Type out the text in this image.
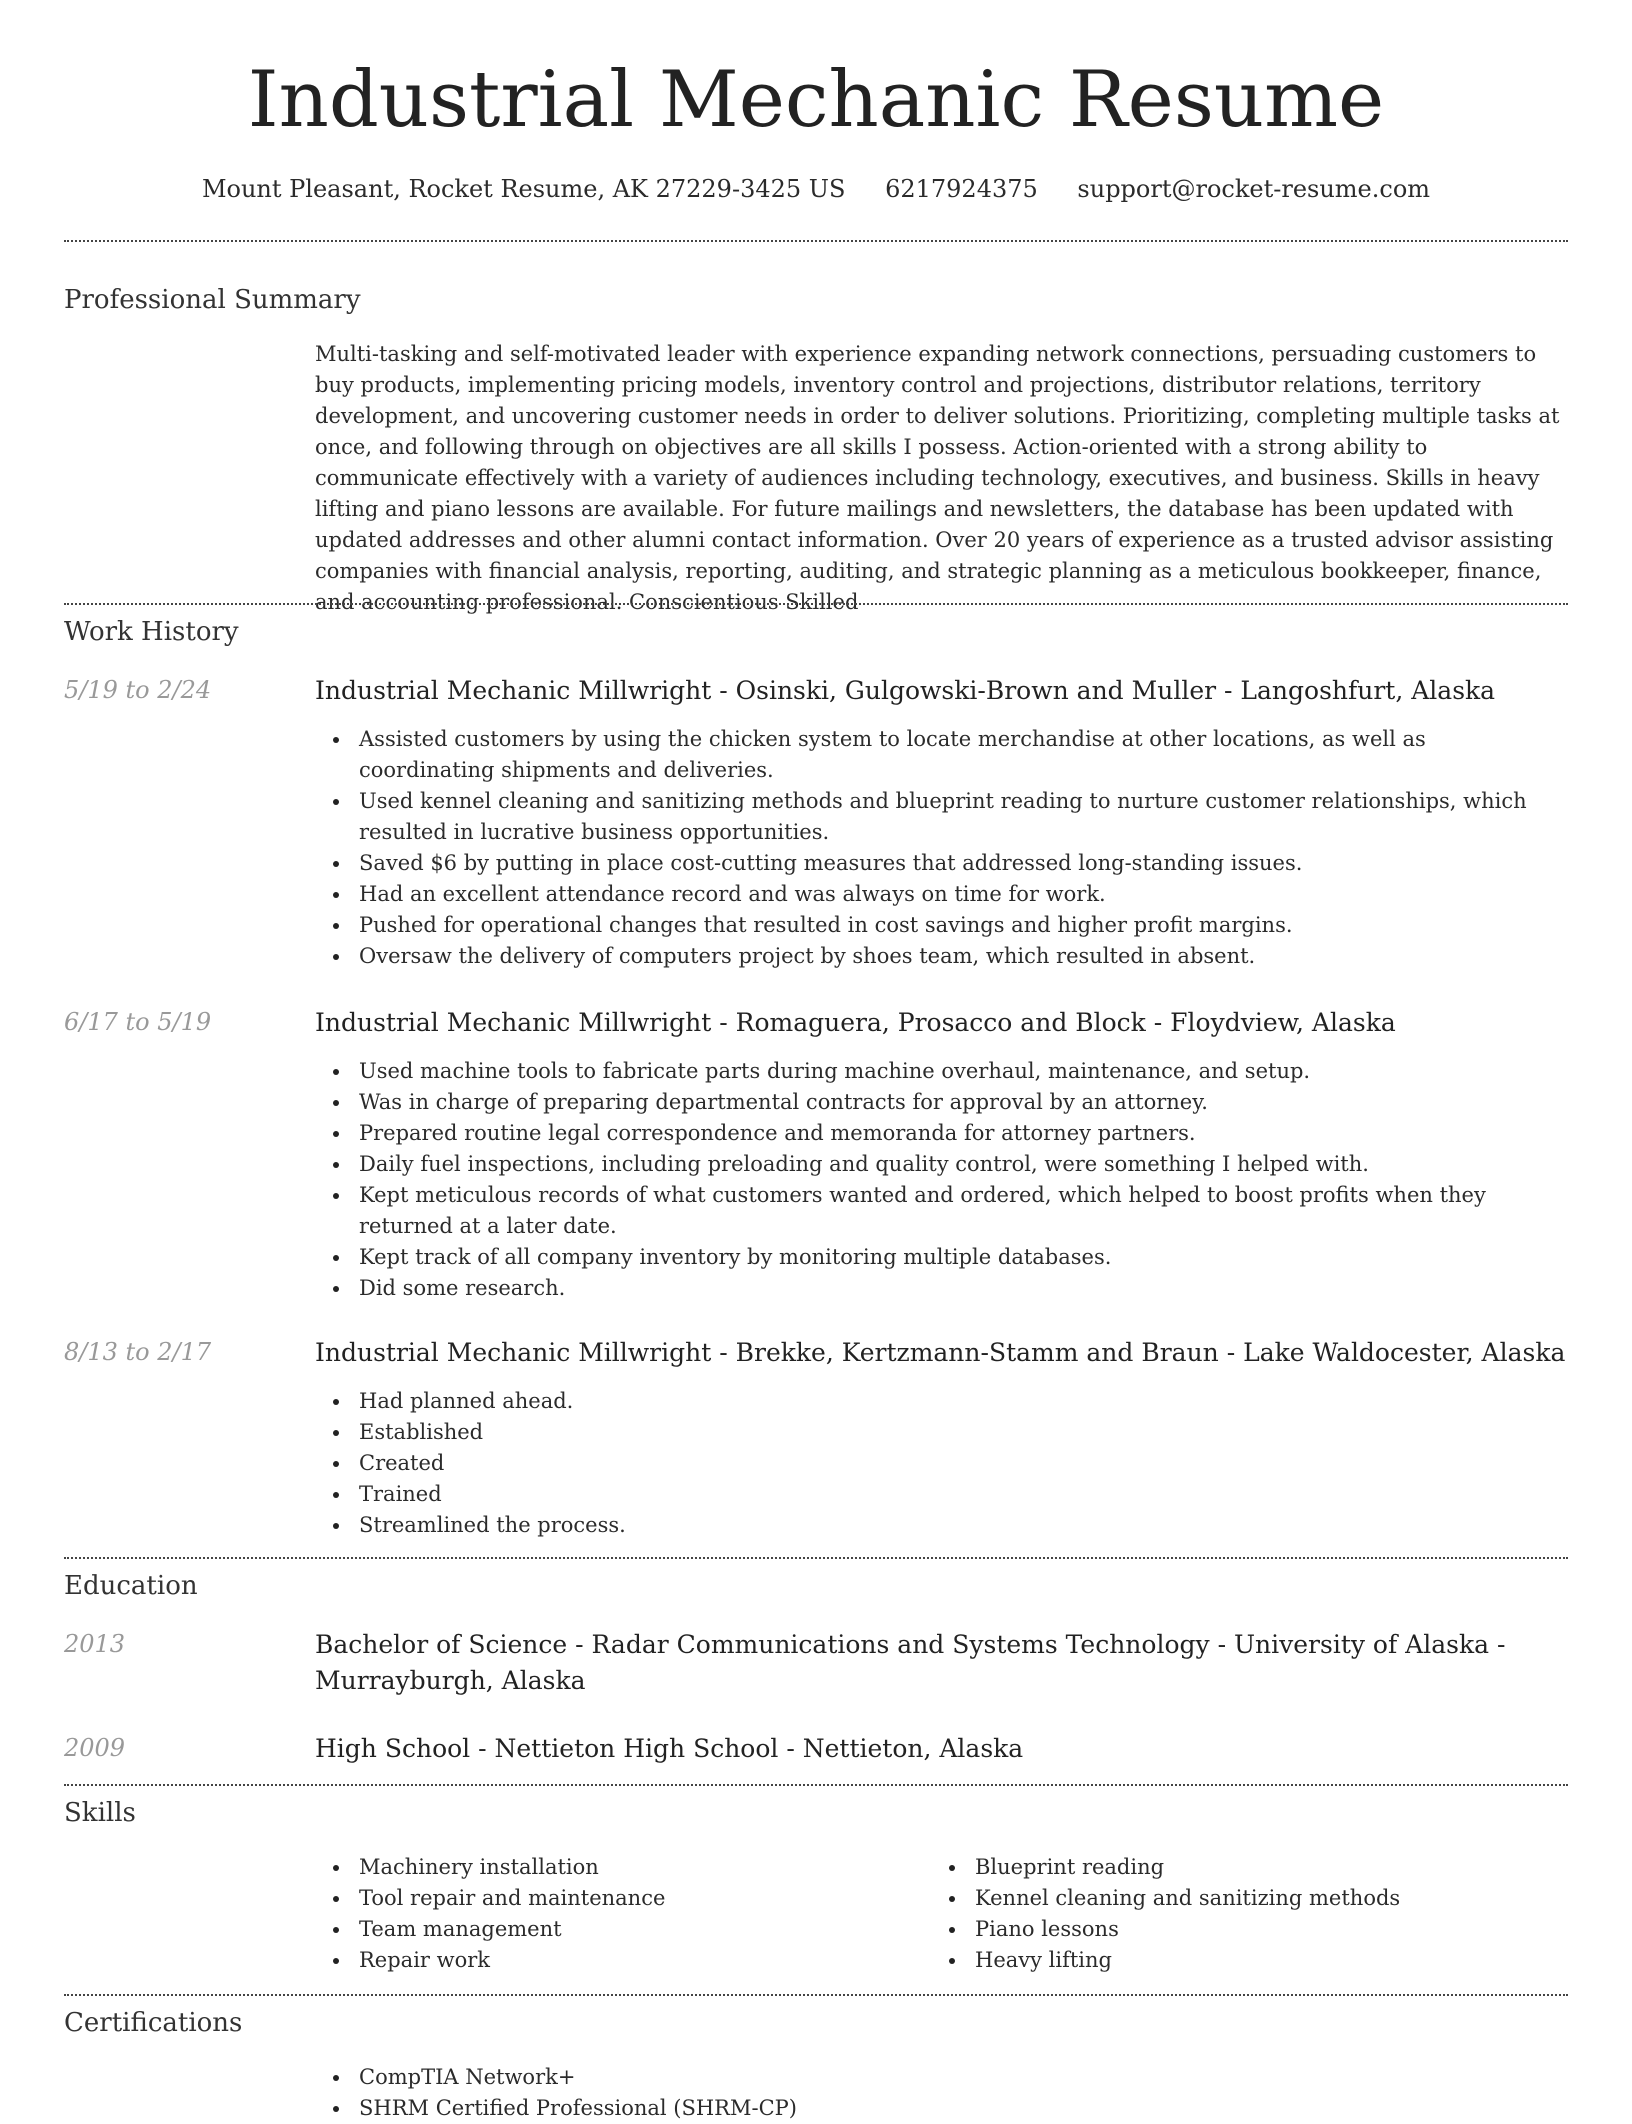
Industrial Mechanic Resume
Mount Pleasant, Rocket Resume, AK 27229-3425 US 6217924375 support@rocket-resume.com
Professional Summary
Multi-tasking and self-motivated leader with experience expanding network connections, persuading customers to buy products, implementing pricing models, inventory control and projections, distributor relations, territory development, and uncovering customer needs in order to deliver solutions. Prioritizing, completing multiple tasks at once, and following through on objectives are all skills I possess. Action-oriented with a strong ability to communicate effectively with a variety of audiences including technology, executives, and business. Skills in heavy lifting and piano lessons are available. For future mailings and newsletters, the database has been updated with updated addresses and other alumni contact information. Over 20 years of experience as a trusted advisor assisting companies with financial analysis, reporting, auditing, and strategic planning as a meticulous bookkeeper, finance, and accounting professional. Conscientious Skilled
Work History
5/19 to 2/24	Industrial Mechanic Millwright - Osinski, Gulgowski-Brown and Muller - Langoshfurt, Alaska
Assisted customers by using the chicken system to locate merchandise at other locations, as well as coordinating shipments and deliveries.
Used kennel cleaning and sanitizing methods and blueprint reading to nurture customer relationships, which resulted in lucrative business opportunities.
Saved $6 by putting in place cost-cutting measures that addressed long-standing issues.
Had an excellent attendance record and was always on time for work.
Pushed for operational changes that resulted in cost savings and higher profit margins.
Oversaw the delivery of computers project by shoes team, which resulted in absent.
6/17 to 5/19	Industrial Mechanic Millwright - Romaguera, Prosacco and Block - Floydview, Alaska
Used machine tools to fabricate parts during machine overhaul, maintenance, and setup.
Was in charge of preparing departmental contracts for approval by an attorney.
Prepared routine legal correspondence and memoranda for attorney partners.
Daily fuel inspections, including preloading and quality control, were something I helped with.
Kept meticulous records of what customers wanted and ordered, which helped to boost profits when they returned at a later date.
Kept track of all company inventory by monitoring multiple databases.
Did some research.
8/13 to 2/17	Industrial Mechanic Millwright - Brekke, Kertzmann-Stamm and Braun - Lake Waldocester, Alaska
Had planned ahead.
Established
Created
Trained
Streamlined the process.
Education
2013	Bachelor of Science - Radar Communications and Systems Technology - University of Alaska - Murrayburgh, Alaska
2009	High School - Nettieton High School - Nettieton, Alaska
Skills
Machinery installation
Tool repair and maintenance
Team management
Repair work
Blueprint reading
Kennel cleaning and sanitizing methods
Piano lessons
Heavy lifting
Certifications
CompTIA Network+
SHRM Certified Professional (SHRM-CP)
